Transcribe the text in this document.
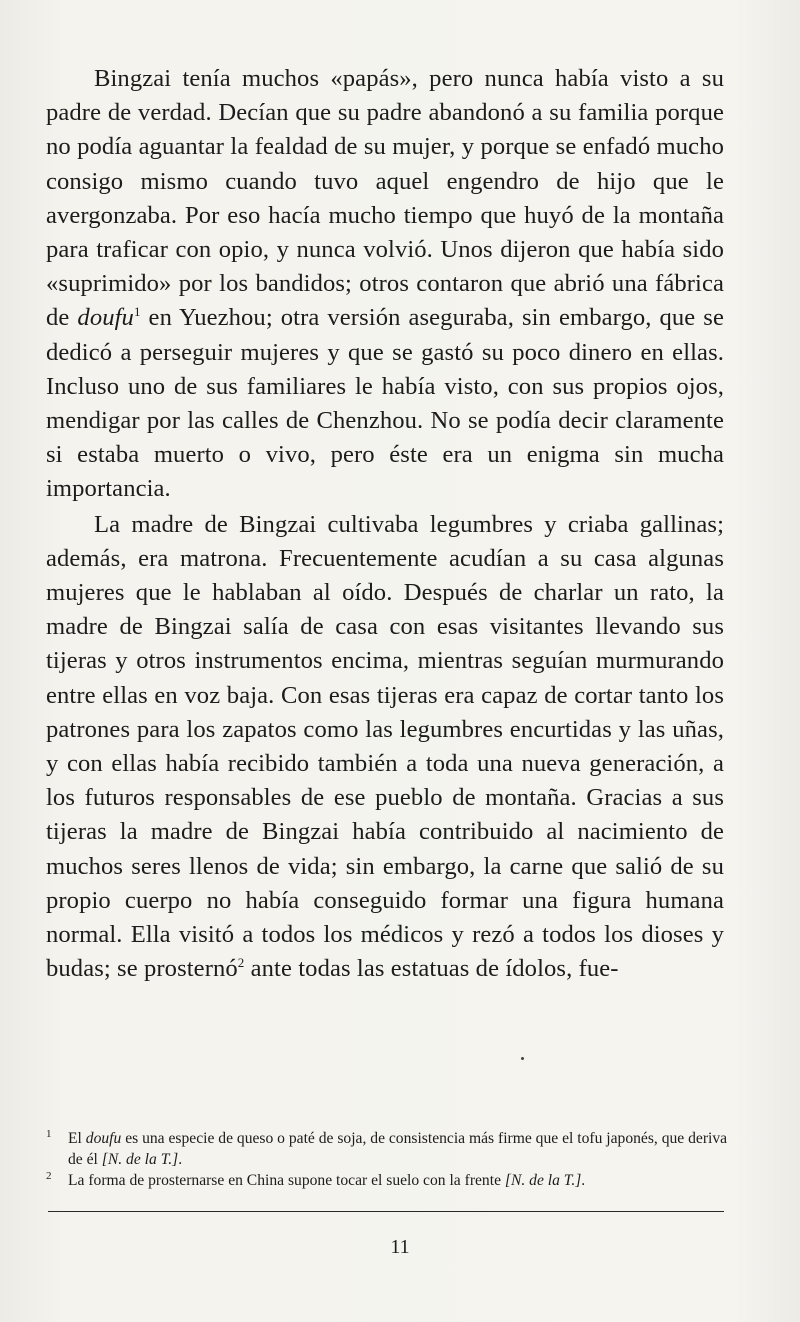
Bingzai tenía muchos «papás», pero nunca había visto a su padre de verdad. Decían que su padre abandonó a su familia porque no podía aguantar la fealdad de su mujer, y porque se enfadó mucho consigo mismo cuando tuvo aquel engendro de hijo que le avergonzaba. Por eso hacía mucho tiempo que huyó de la montaña para traficar con opio, y nunca volvió. Unos dijeron que había sido «suprimido» por los bandidos; otros contaron que abrió una fábrica de doufu$^1$ en Yuezhou; otra versión aseguraba, sin embargo, que se dedicó a perseguir mujeres y que se gastó su poco dinero en ellas. Incluso uno de sus familiares le había visto, con sus propios ojos, mendigar por las calles de Chenzhou. No se podía decir claramente si estaba muerto o vivo, pero éste era un enigma sin mucha importancia.

La madre de Bingzai cultivaba legumbres y criaba gallinas; además, era matrona. Frecuentemente acudían a su casa algunas mujeres que le hablaban al oído. Después de charlar un rato, la madre de Bingzai salía de casa con esas visitantes llevando sus tijeras y otros instrumentos encima, mientras seguían murmurando entre ellas en voz baja. Con esas tijeras era capaz de cortar tanto los patrones para los zapatos como las legumbres encurtidas y las uñas, y con ellas había recibido también a toda una nueva generación, a los futuros responsables de ese pueblo de montaña. Gracias a sus tijeras la madre de Bingzai había contribuido al nacimiento de muchos seres llenos de vida; sin embargo, la carne que salió de su propio cuerpo no había conseguido formar una figura humana normal. Ella visitó a todos los médicos y rezó a todos los dioses y budas; se prosternó$^2$ ante todas las estatuas de ídolos, fue-

1	El doufu es una especie de queso o paté de soja, de consistencia más firme que el tofu japonés, que deriva de él [N. de la T.].
2	La forma de prosternarse en China supone tocar el suelo con la frente [N. de la T.].
11
